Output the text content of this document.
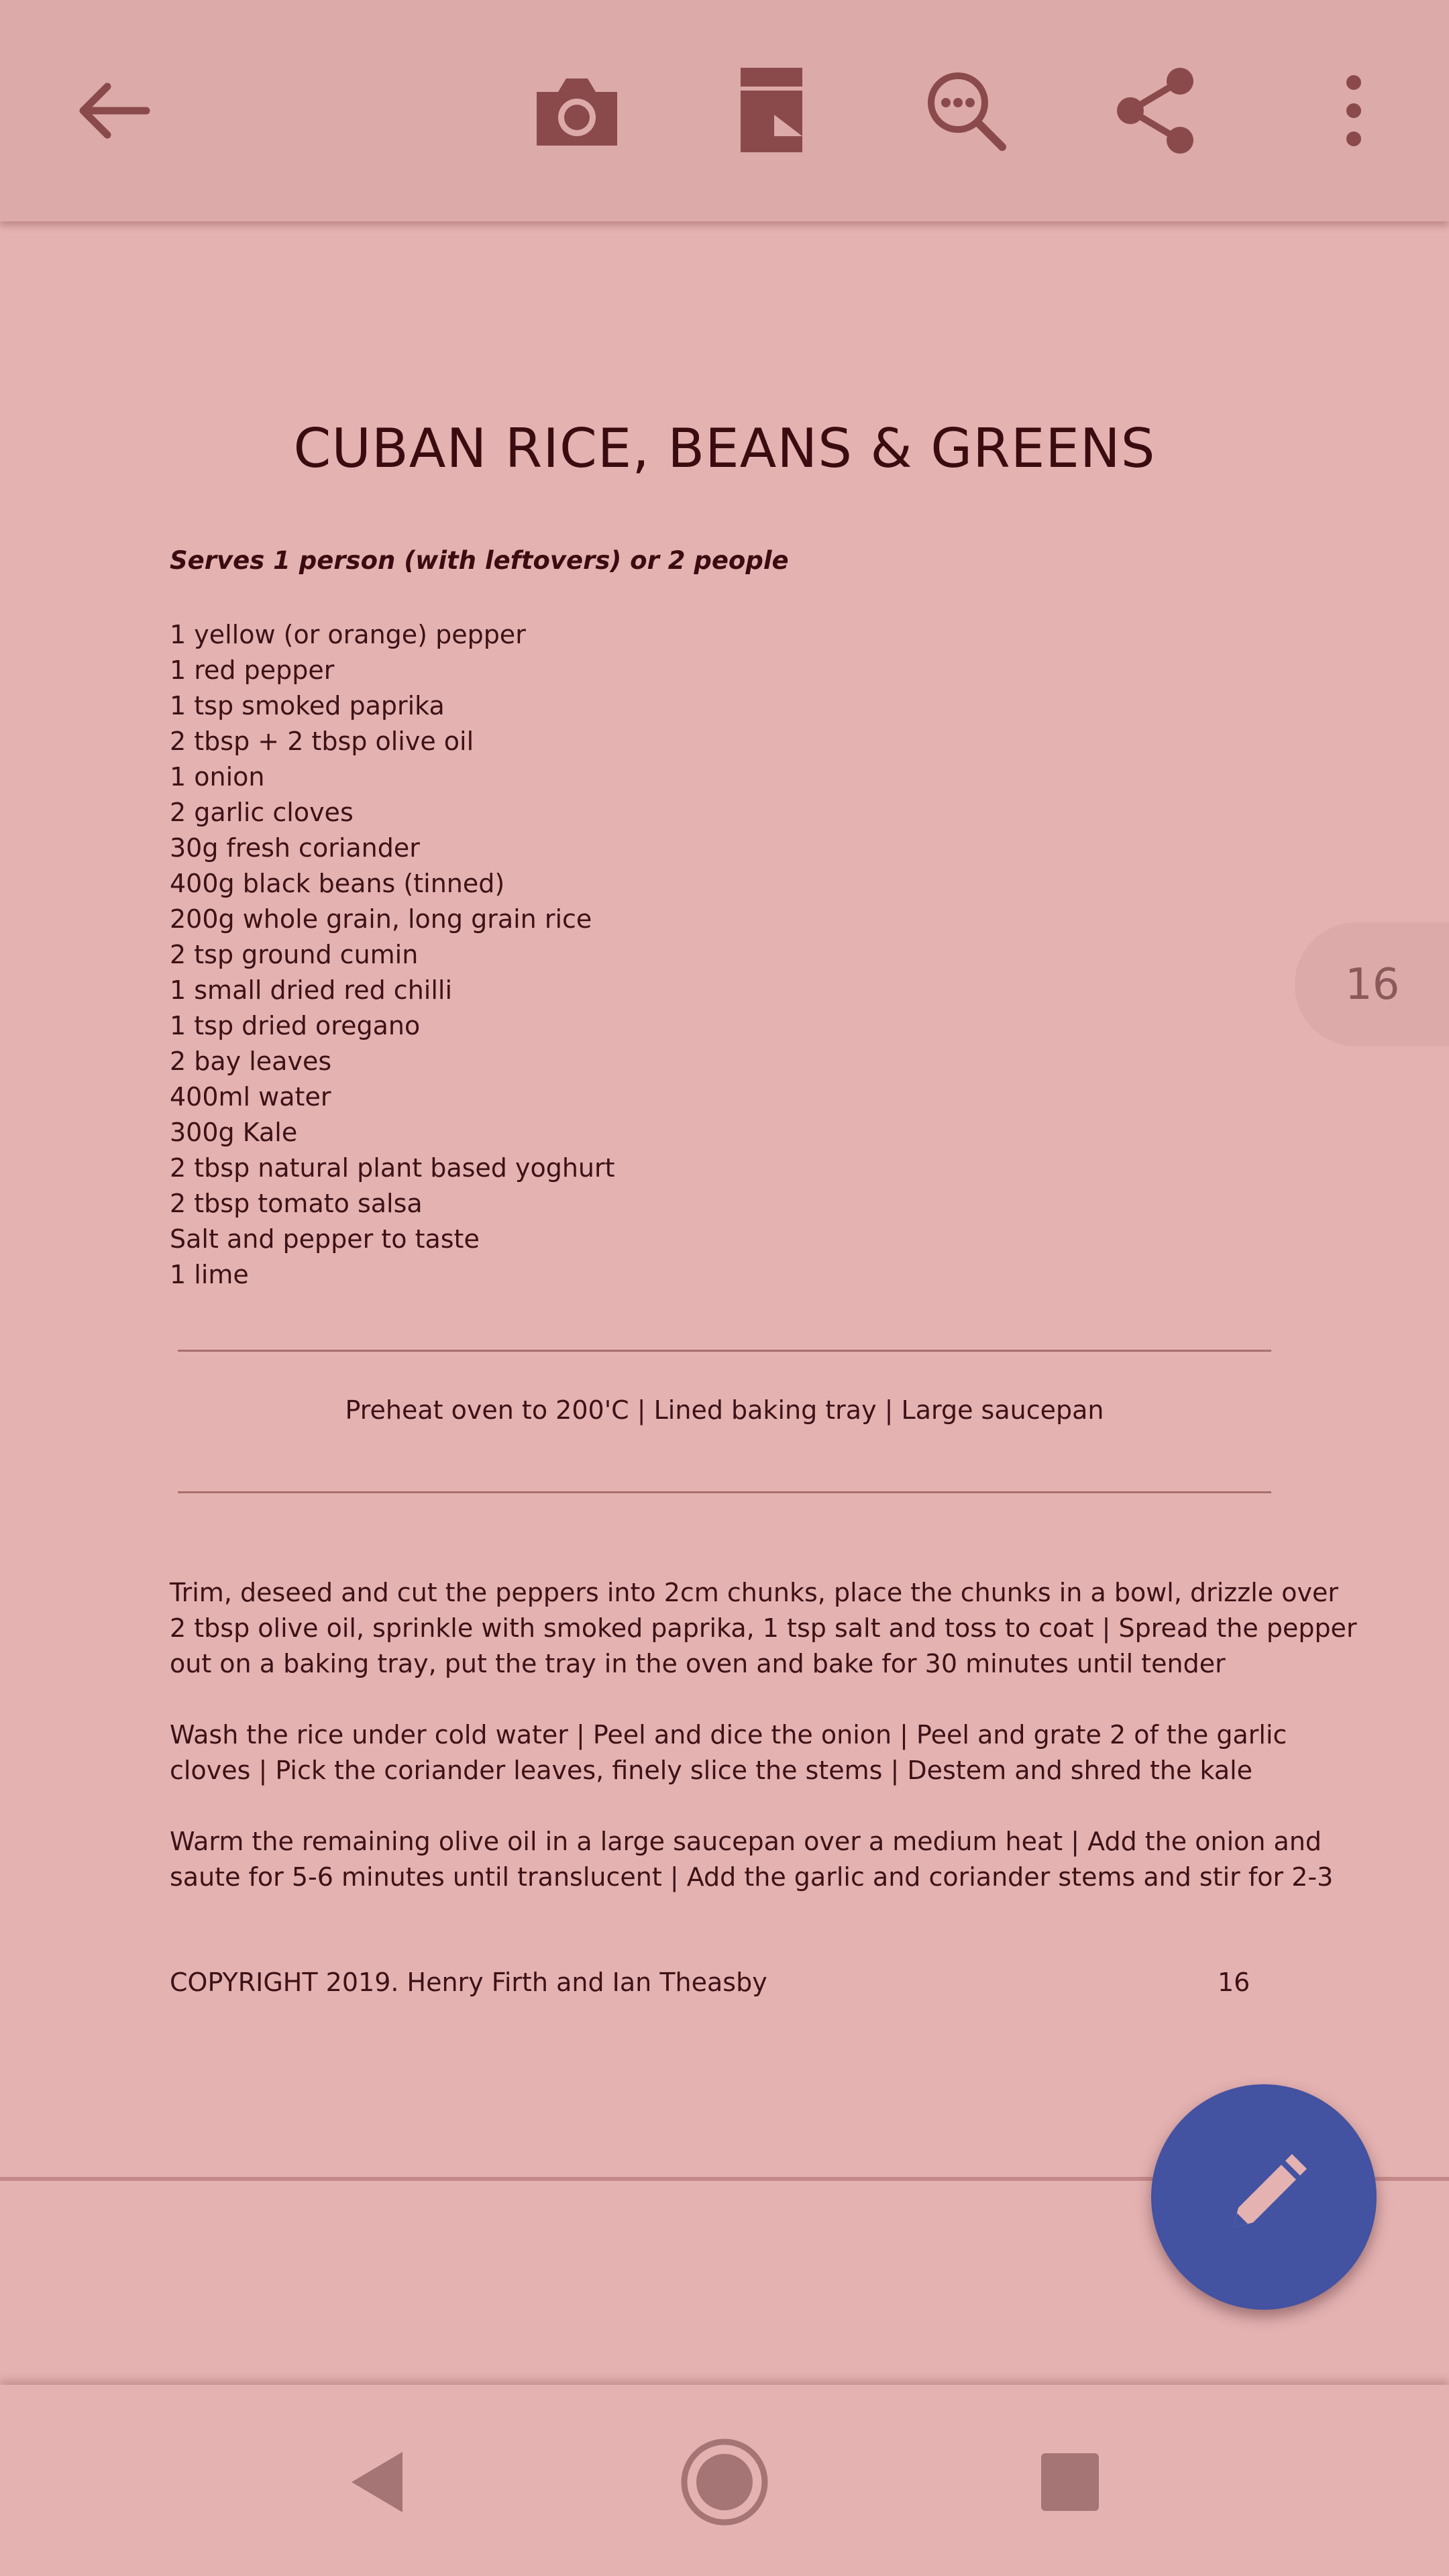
CUBAN RICE, BEANS & GREENS
Serves 1 person (with leftovers) or 2 people
1 yellow (or orange) pepper
1 red pepper
1 tsp smoked paprika
2 tbsp + 2 tbsp olive oil
1 onion
2 garlic cloves
30g fresh coriander
400g black beans (tinned)
200g whole grain, long grain rice
2 tsp ground cumin
1 small dried red chilli
1 tsp dried oregano
2 bay leaves
400ml water
300g Kale
2 tbsp natural plant based yoghurt
2 tbsp tomato salsa
Salt and pepper to taste
1 lime
Preheat oven to 200'C | Lined baking tray | Large saucepan
Trim, deseed and cut the peppers into 2cm chunks, place the chunks in a bowl, drizzle over
2 tbsp olive oil, sprinkle with smoked paprika, 1 tsp salt and toss to coat | Spread the pepper
out on a baking tray, put the tray in the oven and bake for 30 minutes until tender
Wash the rice under cold water | Peel and dice the onion | Peel and grate 2 of the garlic
cloves | Pick the coriander leaves, finely slice the stems | Destem and shred the kale
Warm the remaining olive oil in a large saucepan over a medium heat | Add the onion and
saute for 5-6 minutes until translucent | Add the garlic and coriander stems and stir for 2-3
COPYRIGHT 2019. Henry Firth and Ian Theasby	16
16
